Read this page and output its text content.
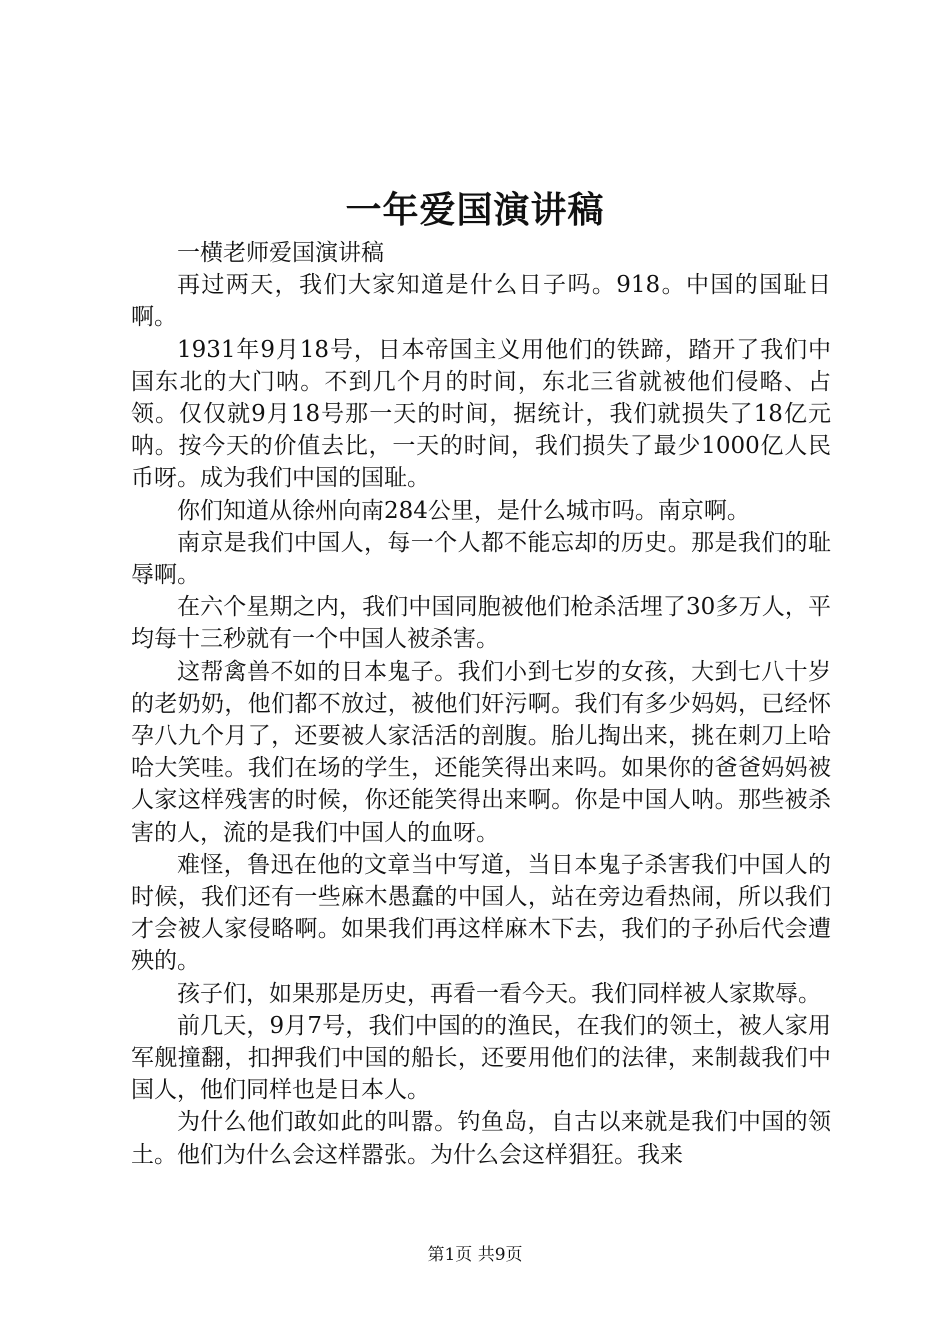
一年爱国演讲稿

一横老师爱国演讲稿

再过两天，我们大家知道是什么日子吗。918。中国的国耻日啊。

1931年9月18号，日本帝国主义用他们的铁蹄，踏开了我们中国东北的大门呐。不到几个月的时间，东北三省就被他们侵略、占领。仅仅就9月18号那一天的时间，据统计，我们就损失了18亿元呐。按今天的价值去比，一天的时间，我们损失了最少1000亿人民币呀。成为我们中国的国耻。

你们知道从徐州向南284公里，是什么城市吗。南京啊。

南京是我们中国人，每一个人都不能忘却的历史。那是我们的耻辱啊。

在六个星期之内，我们中国同胞被他们枪杀活埋了30多万人，平均每十三秒就有一个中国人被杀害。

这帮禽兽不如的日本鬼子。我们小到七岁的女孩，大到七八十岁的老奶奶，他们都不放过，被他们奸污啊。我们有多少妈妈，已经怀孕八九个月了，还要被人家活活的剖腹。胎儿掏出来，挑在刺刀上哈哈大笑哇。我们在场的学生，还能笑得出来吗。如果你的爸爸妈妈被人家这样残害的时候，你还能笑得出来啊。你是中国人呐。那些被杀害的人，流的是我们中国人的血呀。

难怪，鲁迅在他的文章当中写道，当日本鬼子杀害我们中国人的时候，我们还有一些麻木愚蠢的中国人，站在旁边看热闹，所以我们才会被人家侵略啊。如果我们再这样麻木下去，我们的子孙后代会遭殃的。

孩子们，如果那是历史，再看一看今天。我们同样被人家欺辱。

前几天，9月7号，我们中国的的渔民，在我们的领土，被人家用军舰撞翻，扣押我们中国的船长，还要用他们的法律，来制裁我们中国人，他们同样也是日本人。

为什么他们敢如此的叫嚣。钓鱼岛，自古以来就是我们中国的领土。他们为什么会这样嚣张。为什么会这样猖狂。我来

第1页 共9页
